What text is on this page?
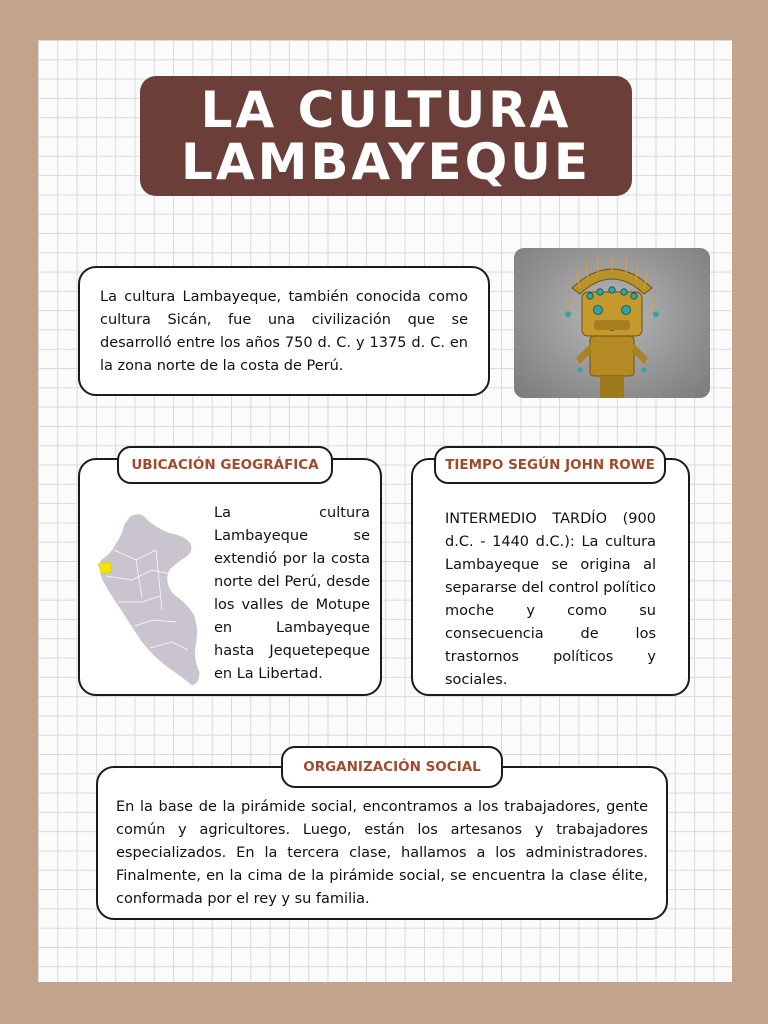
LA CULTURA
LAMBAYEQUE
La cultura Lambayeque, también conocida como cultura Sicán, fue una civilización que se desarrolló entre los años 750 d. C. y 1375 d. C. en la zona norte de la costa de Perú.
La cultura Lambayeque se extendió por la costa norte del Perú, desde los valles de Motupe en Lambayeque hasta Jequetepeque en La Libertad.
UBICACIÓN GEOGRÁFICA
INTERMEDIO TARDÍO (900 d.C. - 1440 d.C.): La cultura Lambayeque se origina al separarse del control político moche y como su consecuencia de los trastornos políticos y sociales.
TIEMPO SEGÚN JOHN ROWE
En la base de la pirámide social, encontramos a los trabajadores, gente común y agricultores. Luego, están los artesanos y trabajadores especializados. En la tercera clase, hallamos a los administradores. Finalmente, en la cima de la pirámide social, se encuentra la clase élite, conformada por el rey y su familia.
ORGANIZACIÓN SOCIAL
